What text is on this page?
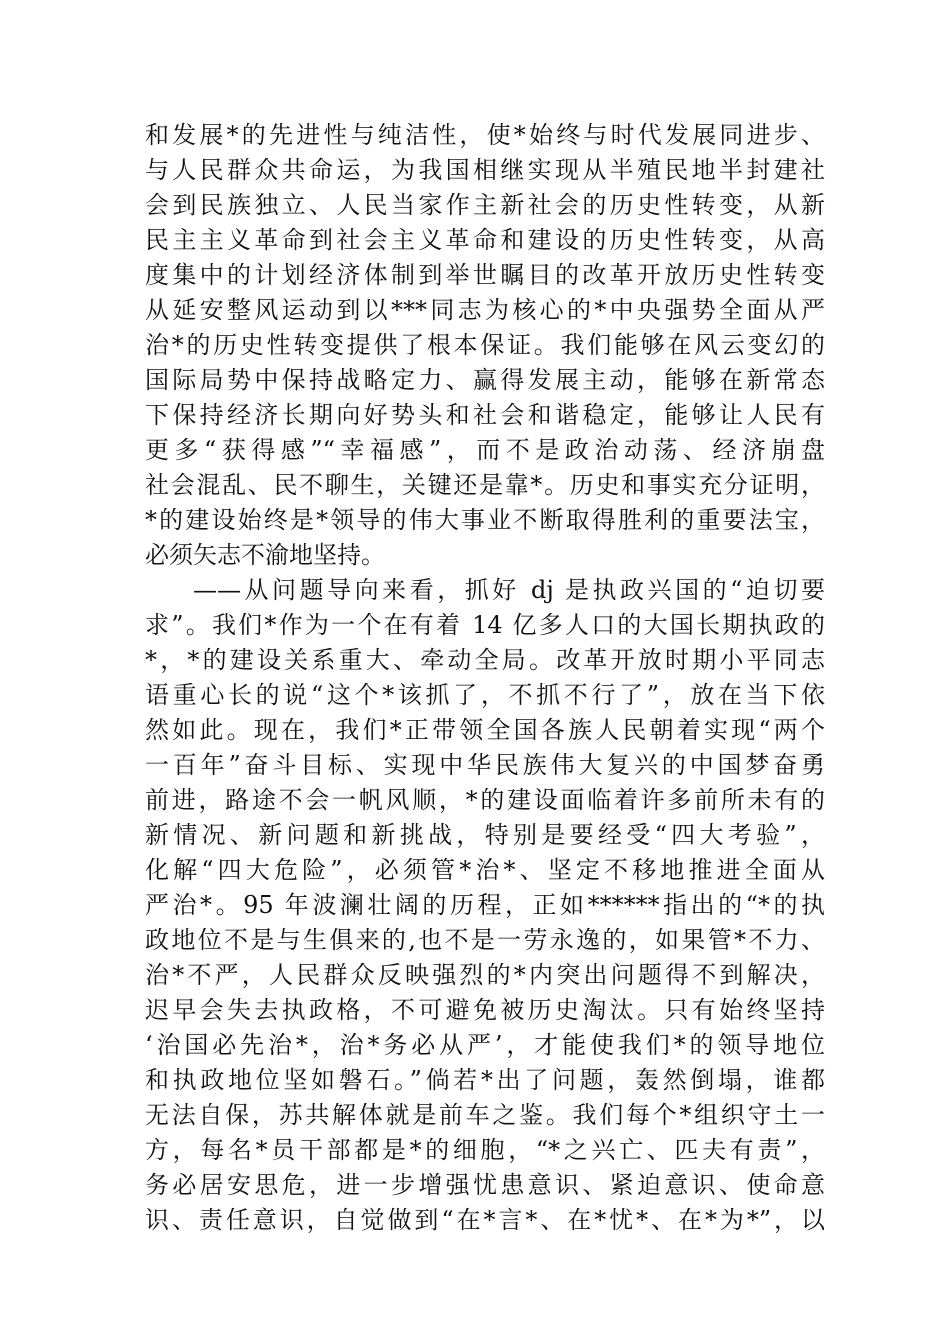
和发展*的先进性与纯洁性，使*始终与时代发展同进步、
与人民群众共命运，为我国相继实现从半殖民地半封建社
会到民族独立、人民当家作主新社会的历史性转变，从新
民主主义革命到社会主义革命和建设的历史性转变，从高
度集中的计划经济体制到举世瞩目的改革开放历史性转变
从延安整风运动到以***同志为核心的*中央强势全面从严
治*的历史性转变提供了根本保证。我们能够在风云变幻的
国际局势中保持战略定力、赢得发展主动，能够在新常态
下保持经济长期向好势头和社会和谐稳定，能够让人民有
更多“获得感”“幸福感”，而不是政治动荡、经济崩盘
社会混乱、民不聊生，关键还是靠*。历史和事实充分证明，
*的建设始终是*领导的伟大事业不断取得胜利的重要法宝，
必须矢志不渝地坚持。
——从问题导向来看，抓好 dj 是执政兴国的“迫切要
求”。我们*作为一个在有着 14 亿多人口的大国长期执政的
*，*的建设关系重大、牵动全局。改革开放时期小平同志
语重心长的说“这个*该抓了，不抓不行了”，放在当下依
然如此。现在，我们*正带领全国各族人民朝着实现“两个
一百年”奋斗目标、实现中华民族伟大复兴的中国梦奋勇
前进，路途不会一帆风顺，*的建设面临着许多前所未有的
新情况、新问题和新挑战，特别是要经受“四大考验”，
化解“四大危险”，必须管*治*、坚定不移地推进全面从
严治*。95 年波澜壮阔的历程，正如******指出的“*的执
政地位不是与生俱来的,也不是一劳永逸的，如果管*不力、
治*不严，人民群众反映强烈的*内突出问题得不到解决，
迟早会失去执政格，不可避免被历史淘汰。只有始终坚持
‘治国必先治*，治*务必从严’，才能使我们*的领导地位
和执政地位坚如磐石。”倘若*出了问题，轰然倒塌，谁都
无法自保，苏共解体就是前车之鉴。我们每个*组织守土一
方，每名*员干部都是*的细胞，“*之兴亡、匹夫有责”，
务必居安思危，进一步增强忧患意识、紧迫意识、使命意
识、责任意识，自觉做到“在*言*、在*忧*、在*为*”，以
